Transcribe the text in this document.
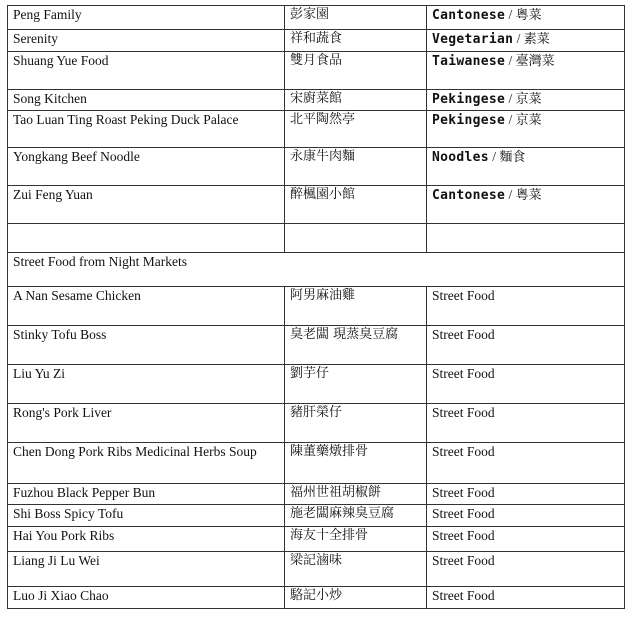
Peng Family	彭家園	Cantonese / 粵菜
Serenity	祥和蔬食	Vegetarian / 素菜
Shuang Yue Food	雙月食品	Taiwanese / 臺灣菜
Song Kitchen	宋廚菜館	Pekingese / 京菜
Tao Luan Ting Roast Peking Duck Palace	北平陶然亭	Pekingese / 京菜
Yongkang Beef Noodle	永康牛肉麵	Noodles / 麵食
Zui Feng Yuan	醉楓園小館	Cantonese / 粵菜

Street Food from Night Markets		
A Nan Sesame Chicken	阿男麻油雞	Street Food
Stinky Tofu Boss	臭老闆 現蒸臭豆腐	Street Food
Liu Yu Zi	劉芋仔	Street Food
Rong's Pork Liver	豬肝榮仔	Street Food
Chen Dong Pork Ribs Medicinal Herbs Soup	陳董藥燉排骨	Street Food
Fuzhou Black Pepper Bun	福州世祖胡椒餅	Street Food
Shi Boss Spicy Tofu	施老闆麻辣臭豆腐	Street Food
Hai You Pork Ribs	海友十全排骨	Street Food
Liang Ji Lu Wei	梁記滷味	Street Food
Luo Ji Xiao Chao	駱記小炒	Street Food
